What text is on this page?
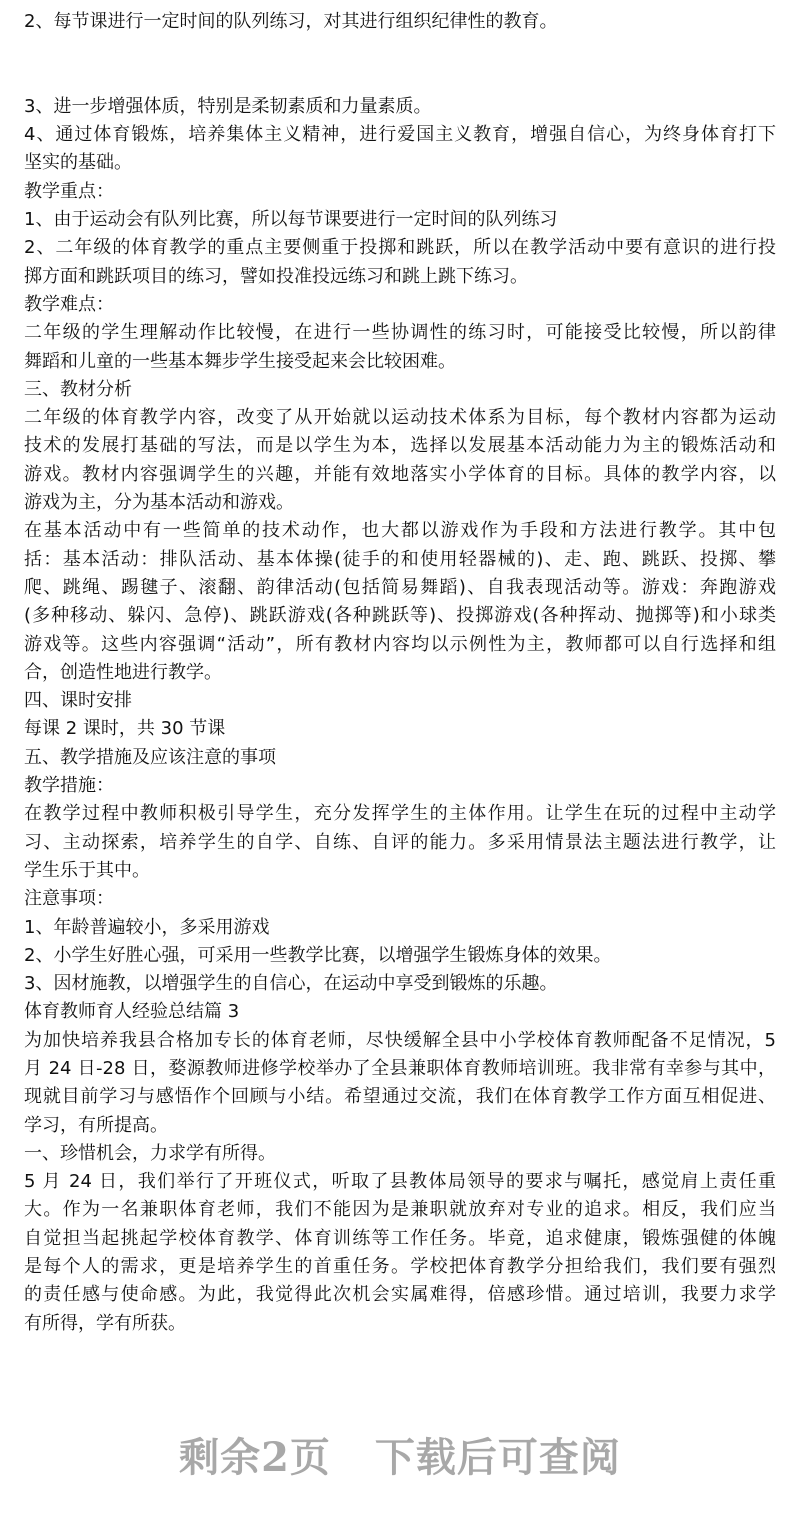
2、每节课进行一定时间的队列练习，对其进行组织纪律性的教育。
3、进一步增强体质，特别是柔韧素质和力量素质。
4、通过体育锻炼，培养集体主义精神，进行爱国主义教育，增强自信心，为终身体育打下
坚实的基础。
教学重点：
1、由于运动会有队列比赛，所以每节课要进行一定时间的队列练习
2、二年级的体育教学的重点主要侧重于投掷和跳跃，所以在教学活动中要有意识的进行投
掷方面和跳跃项目的练习，譬如投准投远练习和跳上跳下练习。
教学难点：
二年级的学生理解动作比较慢，在进行一些协调性的练习时，可能接受比较慢，所以韵律
舞蹈和儿童的一些基本舞步学生接受起来会比较困难。
三、教材分析
二年级的体育教学内容，改变了从开始就以运动技术体系为目标，每个教材内容都为运动
技术的发展打基础的写法，而是以学生为本，选择以发展基本活动能力为主的锻炼活动和
游戏。教材内容强调学生的兴趣，并能有效地落实小学体育的目标。具体的教学内容，以
游戏为主，分为基本活动和游戏。
在基本活动中有一些简单的技术动作，也大都以游戏作为手段和方法进行教学。其中包
括：基本活动：排队活动、基本体操(徒手的和使用轻器械的)、走、跑、跳跃、投掷、攀
爬、跳绳、踢毽子、滚翻、韵律活动(包括简易舞蹈)、自我表现活动等。游戏：奔跑游戏
(多种移动、躲闪、急停)、跳跃游戏(各种跳跃等)、投掷游戏(各种挥动、抛掷等)和小球类
游戏等。这些内容强调“活动”，所有教材内容均以示例性为主，教师都可以自行选择和组
合，创造性地进行教学。
四、课时安排
每课 2 课时，共 30 节课
五、教学措施及应该注意的事项
教学措施：
在教学过程中教师积极引导学生，充分发挥学生的主体作用。让学生在玩的过程中主动学
习、主动探索，培养学生的自学、自练、自评的能力。多采用情景法主题法进行教学，让
学生乐于其中。
注意事项：
1、年龄普遍较小，多采用游戏
2、小学生好胜心强，可采用一些教学比赛，以增强学生锻炼身体的效果。
3、因材施教，以增强学生的自信心，在运动中享受到锻炼的乐趣。
体育教师育人经验总结篇 3
为加快培养我县合格加专长的体育老师，尽快缓解全县中小学校体育教师配备不足情况，5
月 24 日-28 日，婺源教师进修学校举办了全县兼职体育教师培训班。我非常有幸参与其中，
现就目前学习与感悟作个回顾与小结。希望通过交流，我们在体育教学工作方面互相促进、
学习，有所提高。
一、珍惜机会，力求学有所得。
5 月 24 日，我们举行了开班仪式，听取了县教体局领导的要求与嘱托，感觉肩上责任重
大。作为一名兼职体育老师，我们不能因为是兼职就放弃对专业的追求。相反，我们应当
自觉担当起挑起学校体育教学、体育训练等工作任务。毕竟，追求健康，锻炼强健的体魄
是每个人的需求，更是培养学生的首重任务。学校把体育教学分担给我们，我们要有强烈
的责任感与使命感。为此，我觉得此次机会实属难得，倍感珍惜。通过培训，我要力求学
有所得，学有所获。
剩余2页 下载后可查阅
